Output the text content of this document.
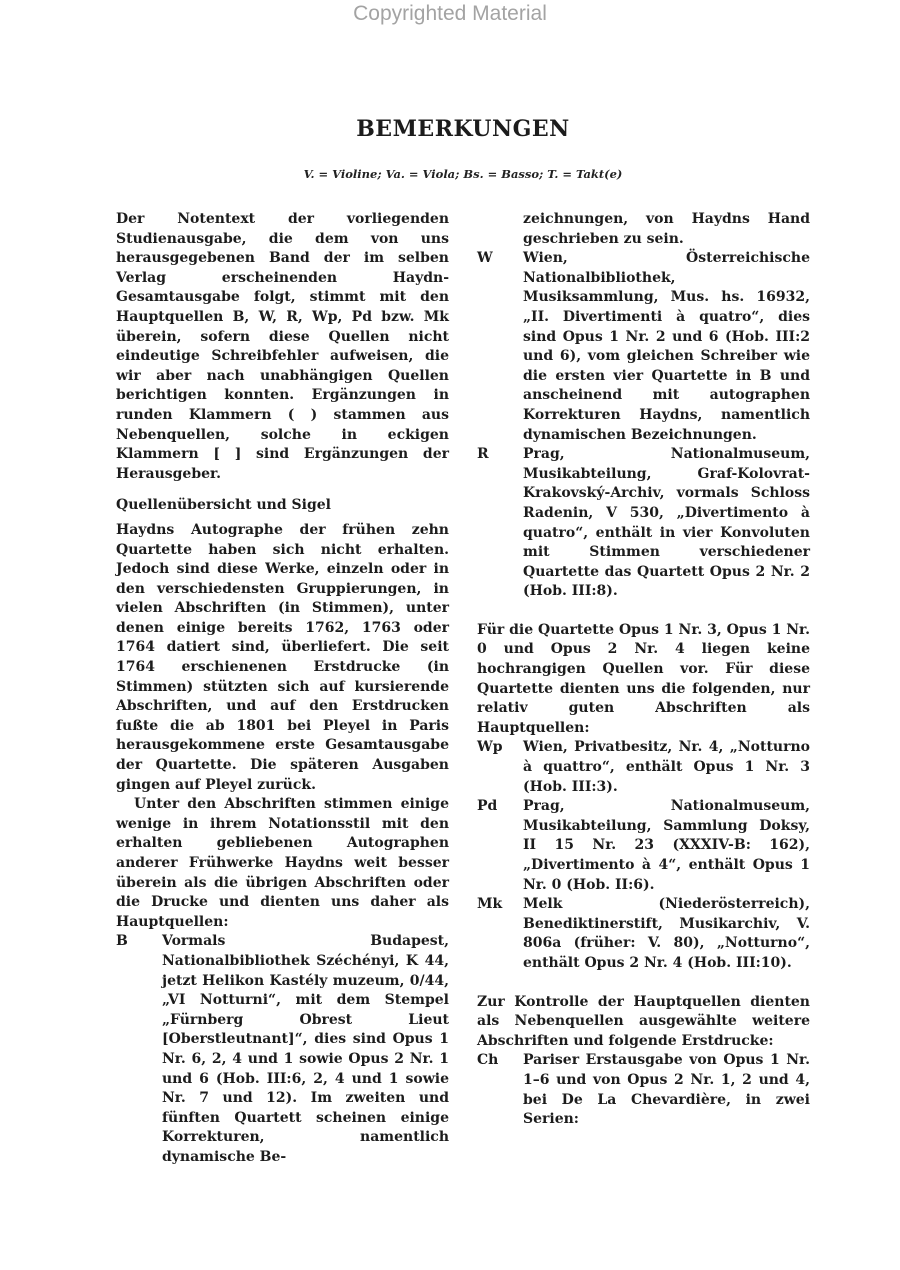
Copyrighted Material
BEMERKUNGEN
V. = Violine; Va. = Viola; Bs. = Basso; T. = Takt(e)

Der Notentext der vorliegenden Studienausgabe, die dem von uns herausgegebenen Band der im selben Verlag erscheinenden Haydn-Gesamtausgabe folgt, stimmt mit den Hauptquellen B, W, R, Wp, Pd bzw. Mk überein, sofern diese Quellen nicht eindeutige Schreibfehler aufweisen, die wir aber nach unabhängigen Quellen berichtigen konnten. Ergänzungen in runden Klammern ( ) stammen aus Nebenquellen, solche in eckigen Klammern [ ] sind Ergänzungen der Herausgeber.

Quellenübersicht und Sigel

Haydns Autographe der frühen zehn Quartette haben sich nicht erhalten. Jedoch sind diese Werke, einzeln oder in den verschiedensten Gruppierungen, in vielen Abschriften (in Stimmen), unter denen einige bereits 1762, 1763 oder 1764 datiert sind, überliefert. Die seit 1764 erschienenen Erstdrucke (in Stimmen) stützten sich auf kursierende Abschriften, und auf den Erstdrucken fußte die ab 1801 bei Pleyel in Paris herausgekommene erste Gesamtausgabe der Quartette. Die späteren Ausgaben gingen auf Pleyel zurück.

Unter den Abschriften stimmen einige wenige in ihrem Notationsstil mit den erhalten gebliebenen Autographen anderer Frühwerke Haydns weit besser überein als die übrigen Abschriften oder die Drucke und dienten uns daher als Hauptquellen:

B	Vormals Budapest, Nationalbibliothek Széchényi, K 44, jetzt Helikon Kastély muzeum, 0/44, „VI Notturni“, mit dem Stempel „Fürnberg Obrest Lieut [Oberstleutnant]“, dies sind Opus 1 Nr. 6, 2, 4 und 1 sowie Opus 2 Nr. 1 und 6 (Hob. III:6, 2, 4 und 1 sowie Nr. 7 und 12). Im zweiten und fünften Quartett scheinen einige Korrekturen, namentlich dynamische Be-
zeichnungen, von Haydns Hand geschrieben zu sein.
W	Wien, Österreichische Nationalbibliothek, Musiksammlung, Mus. hs. 16932, „II. Divertimenti à quatro“, dies sind Opus 1 Nr. 2 und 6 (Hob. III:2 und 6), vom gleichen Schreiber wie die ersten vier Quartette in B und anscheinend mit autographen Korrekturen Haydns, namentlich dynamischen Bezeichnungen.
R	Prag, Nationalmuseum, Musikabteilung, Graf-Kolovrat-Krakovský-Archiv, vormals Schloss Radenin, V 530, „Divertimento à quatro“, enthält in vier Konvoluten mit Stimmen verschiedener Quartette das Quartett Opus 2 Nr. 2 (Hob. III:8).

Für die Quartette Opus 1 Nr. 3, Opus 1 Nr. 0 und Opus 2 Nr. 4 liegen keine hochrangigen Quellen vor. Für diese Quartette dienten uns die folgenden, nur relativ guten Abschriften als Hauptquellen:

Wp	Wien, Privatbesitz, Nr. 4, „Notturno à quattro“, enthält Opus 1 Nr. 3 (Hob. III:3).
Pd	Prag, Nationalmuseum, Musikabteilung, Sammlung Doksy, II 15 Nr. 23 (XXXIV-B: 162), „Divertimento à 4“, enthält Opus 1 Nr. 0 (Hob. II:6).
Mk	Melk (Niederösterreich), Benediktinerstift, Musikarchiv, V. 806a (früher: V. 80), „Notturno“, enthält Opus 2 Nr. 4 (Hob. III:10).

Zur Kontrolle der Hauptquellen dienten als Nebenquellen ausgewählte weitere Abschriften und folgende Erstdrucke:

Ch	Pariser Erstausgabe von Opus 1 Nr. 1–6 und von Opus 2 Nr. 1, 2 und 4, bei De La Chevardière, in zwei Serien:
